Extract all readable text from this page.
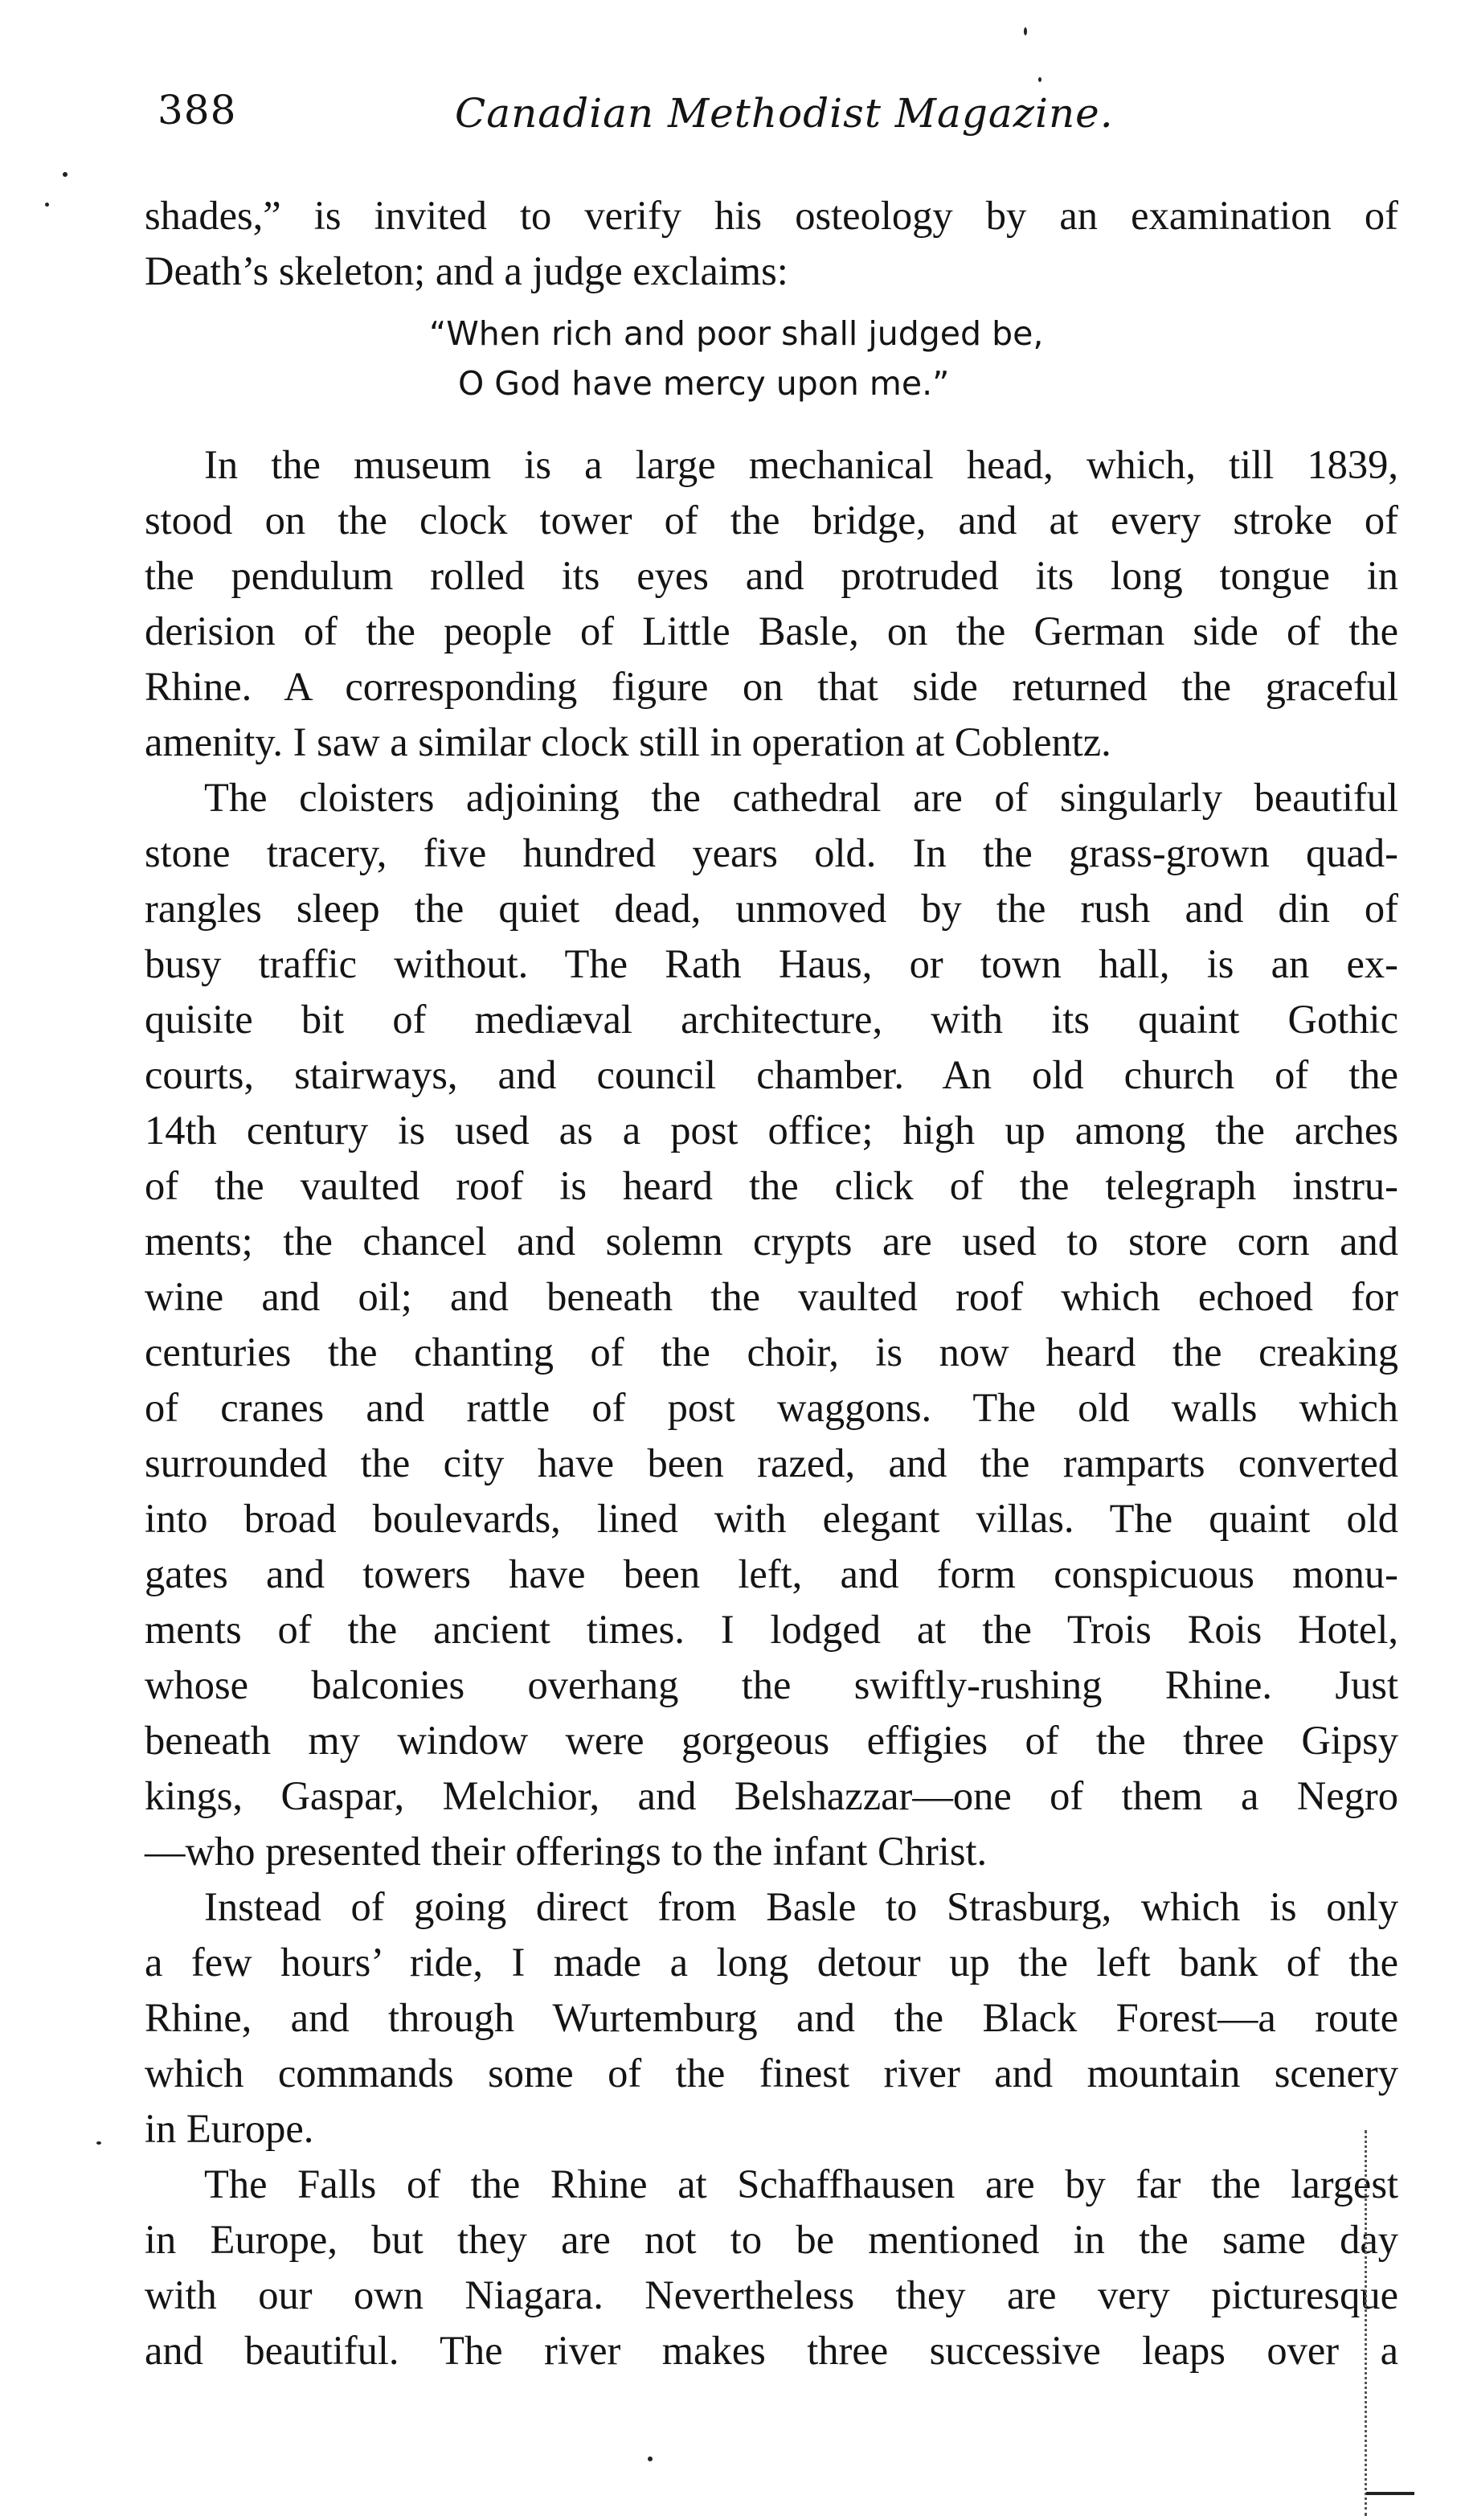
388	Canadian Methodist Magazine.
shades,” is invited to verify his osteology by an examination of
Death’s skeleton; and a judge exclaims:
“When rich and poor shall judged be,
O God have mercy upon me.”
In the museum is a large mechanical head, which, till 1839,
stood on the clock tower of the bridge, and at every stroke of
the pendulum rolled its eyes and protruded its long tongue in
derision of the people of Little Basle, on the German side of the
Rhine. A corresponding figure on that side returned the graceful
amenity. I saw a similar clock still in operation at Coblentz.
The cloisters adjoining the cathedral are of singularly beautiful
stone tracery, five hundred years old. In the grass-grown quad-
rangles sleep the quiet dead, unmoved by the rush and din of
busy traffic without. The Rath Haus, or town hall, is an ex-
quisite bit of mediæval architecture, with its quaint Gothic
courts, stairways, and council chamber. An old church of the
14th century is used as a post office; high up among the arches
of the vaulted roof is heard the click of the telegraph instru-
ments; the chancel and solemn crypts are used to store corn and
wine and oil; and beneath the vaulted roof which echoed for
centuries the chanting of the choir, is now heard the creaking
of cranes and rattle of post waggons. The old walls which
surrounded the city have been razed, and the ramparts converted
into broad boulevards, lined with elegant villas. The quaint old
gates and towers have been left, and form conspicuous monu-
ments of the ancient times. I lodged at the Trois Rois Hotel,
whose balconies overhang the swiftly-rushing Rhine. Just
beneath my window were gorgeous effigies of the three Gipsy
kings, Gaspar, Melchior, and Belshazzar—one of them a Negro
—who presented their offerings to the infant Christ.
Instead of going direct from Basle to Strasburg, which is only
a few hours’ ride, I made a long detour up the left bank of the
Rhine, and through Wurtemburg and the Black Forest—a route
which commands some of the finest river and mountain scenery
in Europe.
The Falls of the Rhine at Schaffhausen are by far the largest
in Europe, but they are not to be mentioned in the same day
with our own Niagara. Nevertheless they are very picturesque
and beautiful. The river makes three successive leaps over a
